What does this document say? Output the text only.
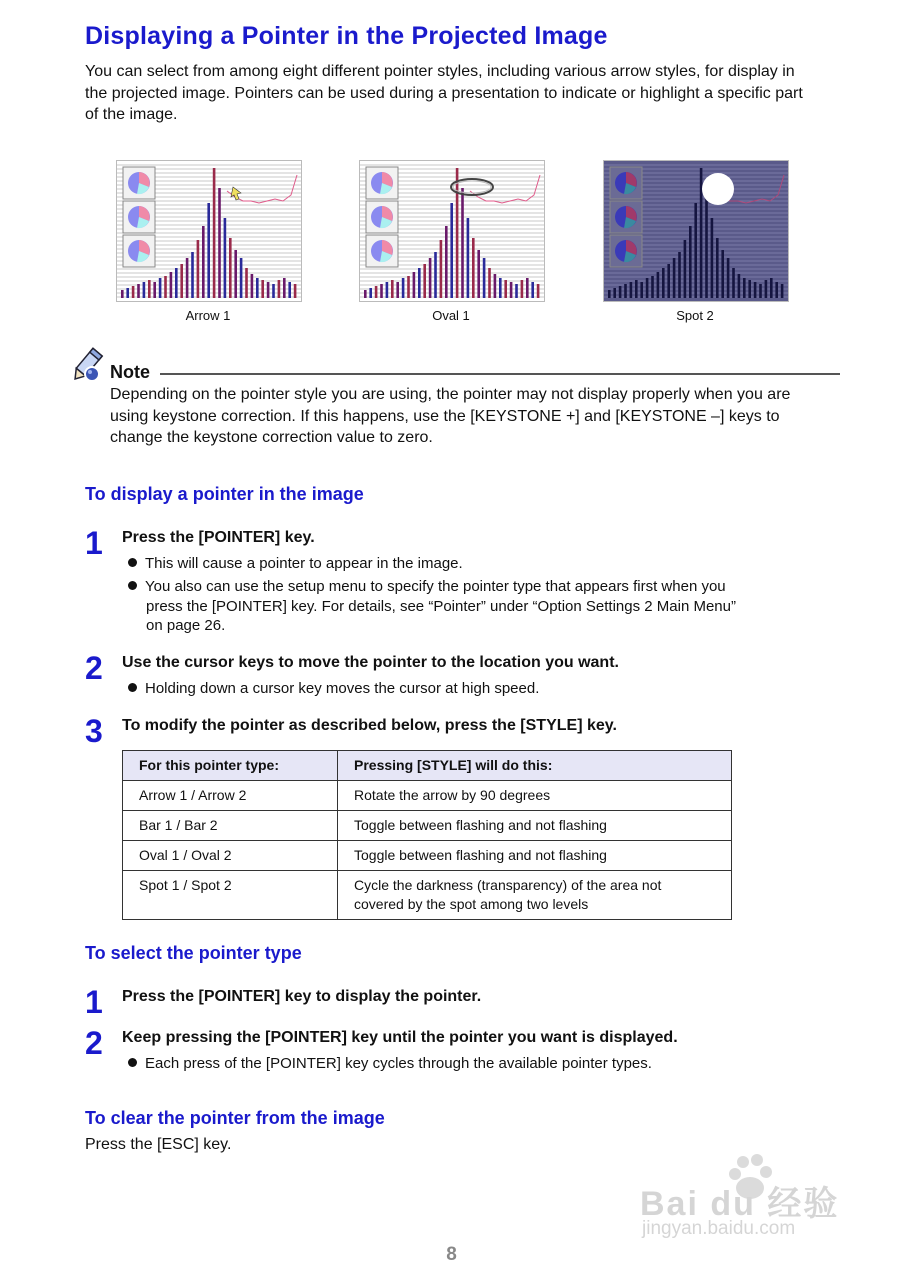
Displaying a Pointer in the Projected Image

You can select from among eight different pointer styles, including various arrow styles, for display in the projected image. Pointers can be used during a presentation to indicate or highlight a specific part of the image.

Arrow 1	Oval 1	Spot 2
Note

Depending on the pointer style you are using, the pointer may not display properly when you are using keystone correction. If this happens, use the [KEYSTONE +] and [KEYSTONE –] keys to change the keystone correction value to zero.

To display a pointer in the image
1 Press the [POINTER] key.
This will cause a pointer to appear in the image.
You also can use the setup menu to specify the pointer type that appears first when you
press the [POINTER] key. For details, see “Pointer” under “Option Settings 2 Main Menu”
on page 26.
2 Use the cursor keys to move the pointer to the location you want.
Holding down a cursor key moves the cursor at high speed.
3 To modify the pointer as described below, press the [STYLE] key.
For this pointer type:	Pressing [STYLE] will do this:
Arrow 1 / Arrow 2	Rotate the arrow by 90 degrees
Bar 1 / Bar 2	Toggle between flashing and not flashing
Oval 1 / Oval 2	Toggle between flashing and not flashing
Spot 1 / Spot 2	Cycle the darkness (transparency) of the area not covered by the spot among two levels
To select the pointer type
1 Press the [POINTER] key to display the pointer.
2 Keep pressing the [POINTER] key until the pointer you want is displayed.
Each press of the [POINTER] key cycles through the available pointer types.
To clear the pointer from the image
Press the [ESC] key.
Bai du 经验
jingyan.baidu.com
8
